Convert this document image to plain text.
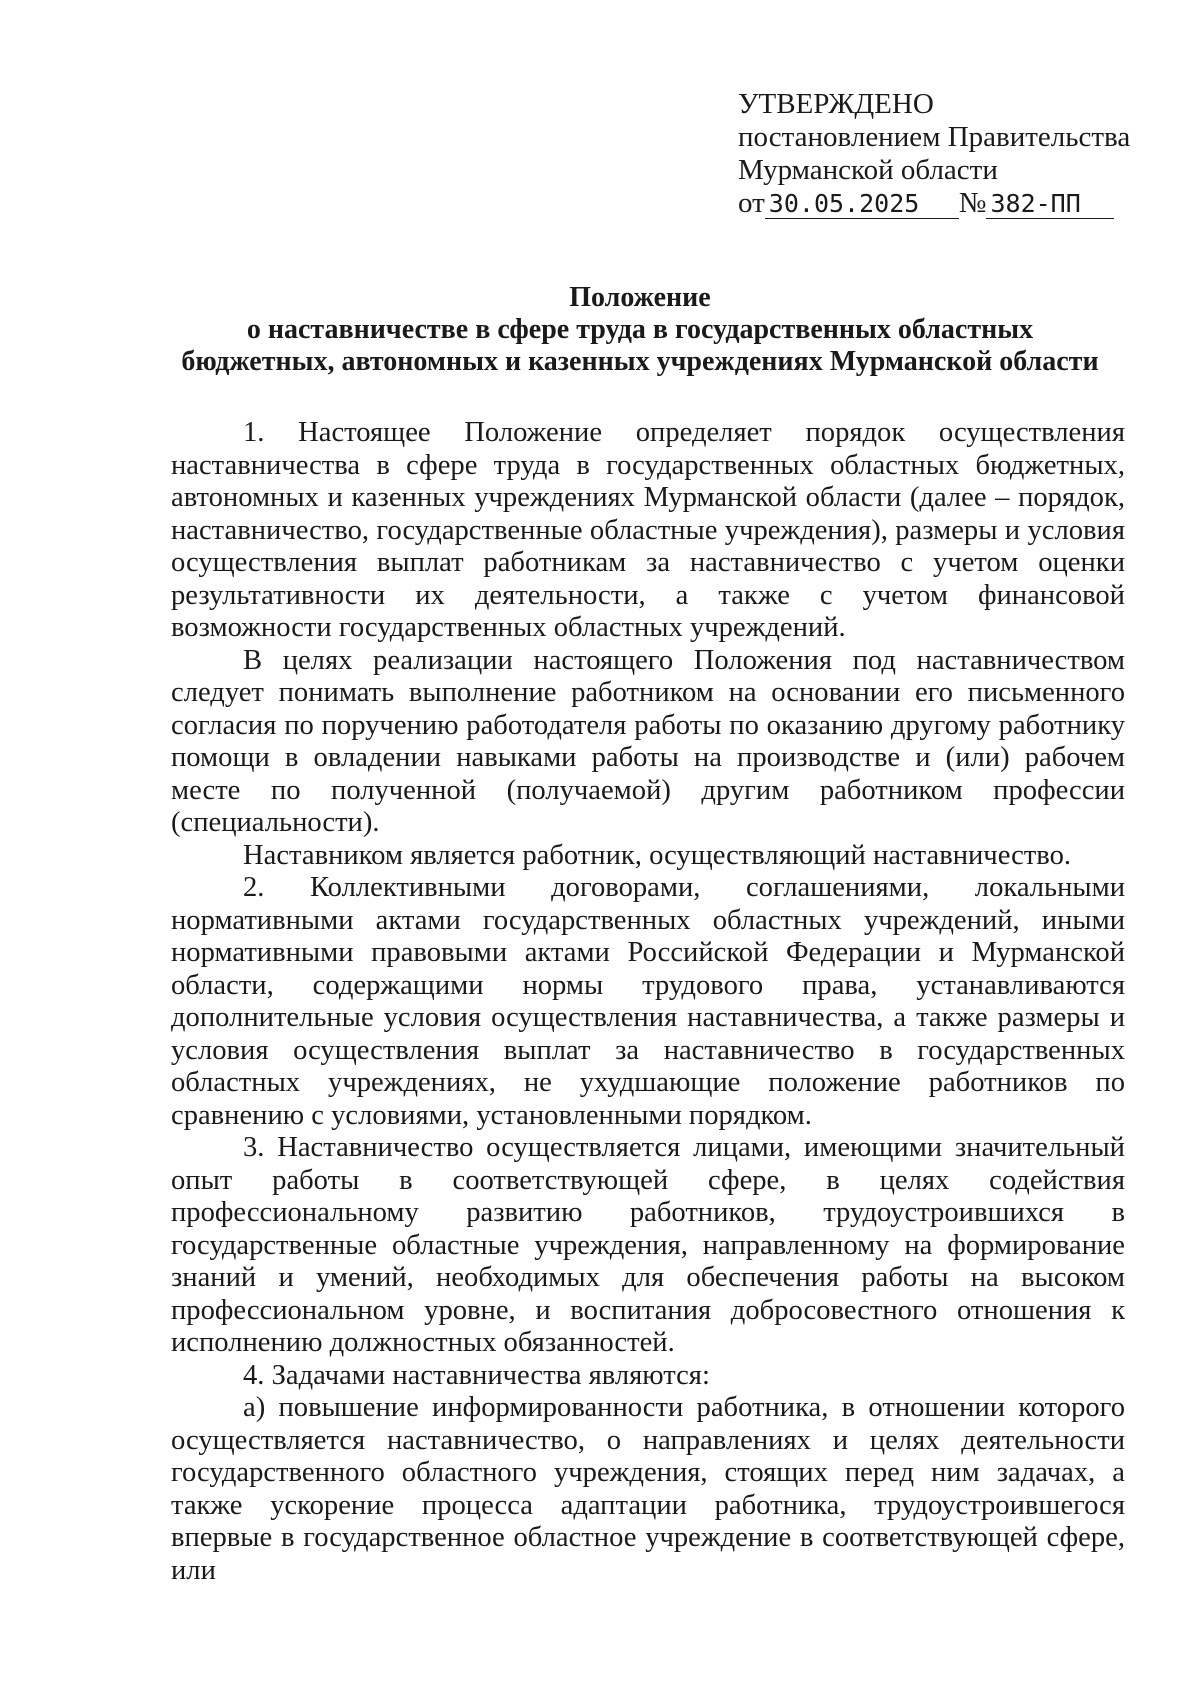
УТВЕРЖДЕНО
постановлением Правительства
Мурманской области
от 30.05.2025 № 382-ПП
Положение
о наставничестве в сфере труда в государственных областных
бюджетных, автономных и казенных учреждениях Мурманской области

1. Настоящее Положение определяет порядок осуществления наставничества в сфере труда в государственных областных бюджетных, автономных и казенных учреждениях Мурманской области (далее – порядок, наставничество, государственные областные учреждения), размеры и условия осуществления выплат работникам за наставничество с учетом оценки результативности их деятельности, а также с учетом финансовой возможности государственных областных учреждений.

В целях реализации настоящего Положения под наставничеством следует понимать выполнение работником на основании его письменного согласия по поручению работодателя работы по оказанию другому работнику помощи в овладении навыками работы на производстве и (или) рабочем месте по полученной (получаемой) другим работником профессии (специальности).

Наставником является работник, осуществляющий наставничество.

2. Коллективными договорами, соглашениями, локальными нормативными актами государственных областных учреждений, иными нормативными правовыми актами Российской Федерации и Мурманской области, содержащими нормы трудового права, устанавливаются дополнительные условия осуществления наставничества, а также размеры и условия осуществления выплат за наставничество в государственных областных учреждениях, не ухудшающие положение работников по сравнению с условиями, установленными порядком.

3. Наставничество осуществляется лицами, имеющими значительный опыт работы в соответствующей сфере, в целях содействия профессиональному развитию работников, трудоустроившихся в государственные областные учреждения, направленному на формирование знаний и умений, необходимых для обеспечения работы на высоком профессиональном уровне, и воспитания добросовестного отношения к исполнению должностных обязанностей.

4. Задачами наставничества являются:

а) повышение информированности работника, в отношении которого осуществляется наставничество, о направлениях и целях деятельности государственного областного учреждения, стоящих перед ним задачах, а также ускорение процесса адаптации работника, трудоустроившегося впервые в государственное областное учреждение в соответствующей сфере, или
